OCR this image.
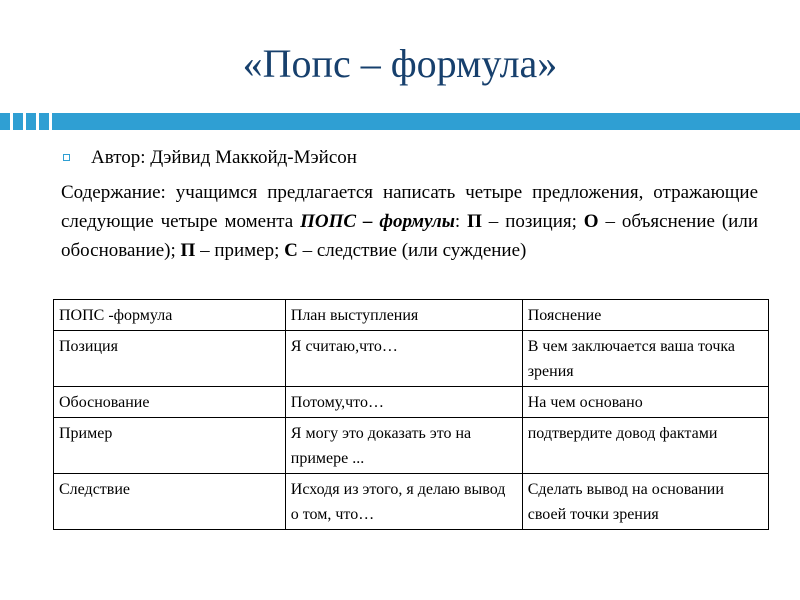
«Попс – формула»
Автор: Дэйвид Маккойд-Мэйсон
Содержание: учащимся предлагается написать четыре предложения, отражающие следующие четыре момента ПОПС – формулы: П – позиция; О – объяснение (или обоснование); П – пример; С – следствие (или суждение)
ПОПС -формула	План выступления	Пояснение
Позиция	Я считаю,что…	В чем заключается ваша точка зрения
Обоснование	Потому,что…	На чем основано
Пример	Я могу это доказать это на примере ...	подтвердите довод фактами
Следствие	Исходя из этого, я делаю вывод о том, что…	Сделать вывод на основании своей точки зрения
